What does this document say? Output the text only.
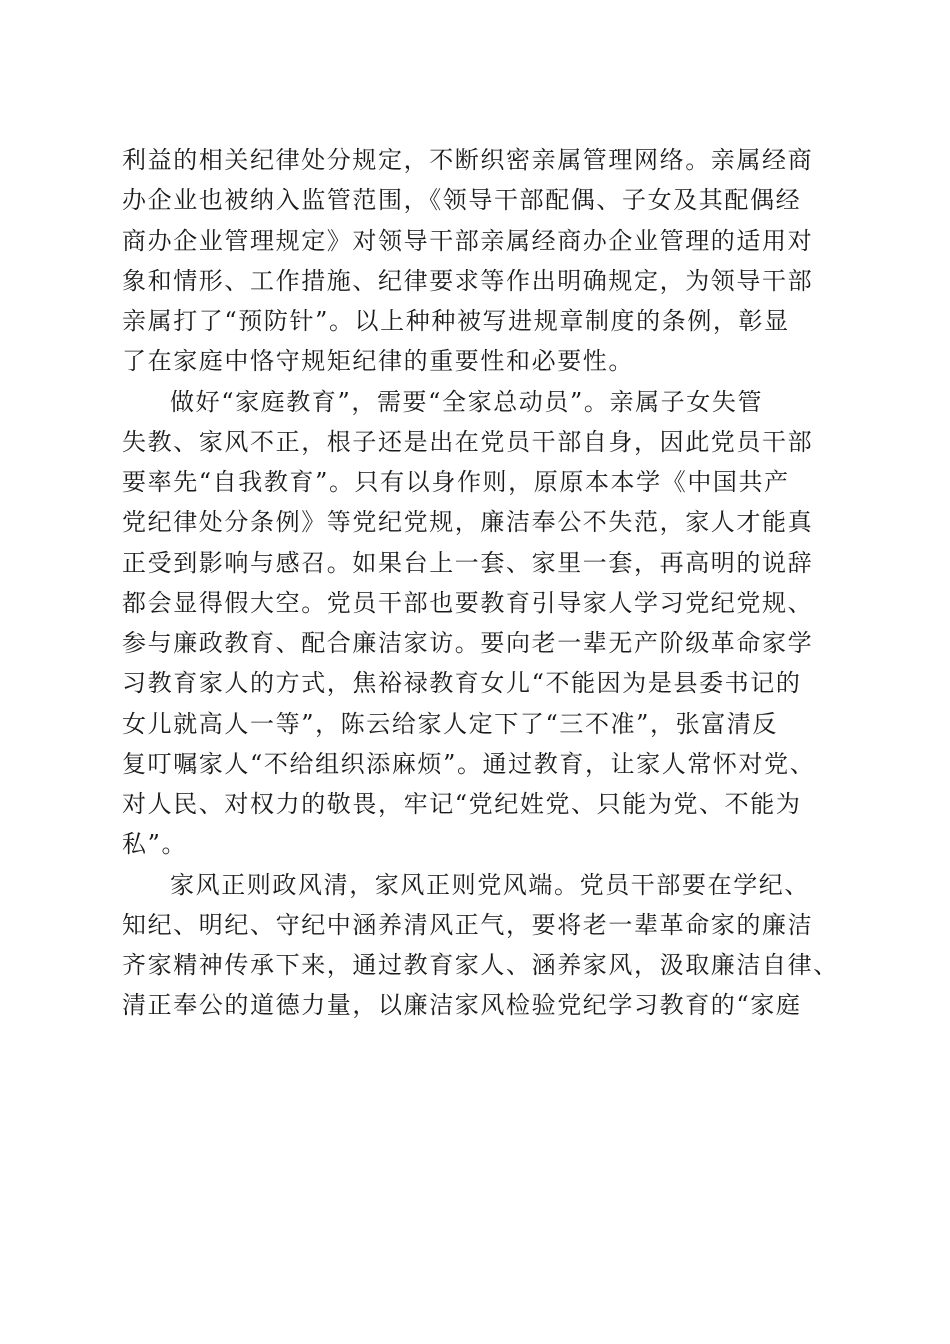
利益的相关纪律处分规定，不断织密亲属管理网络。亲属经商
办企业也被纳入监管范围，《领导干部配偶、子女及其配偶经
商办企业管理规定》对领导干部亲属经商办企业管理的适用对
象和情形、工作措施、纪律要求等作出明确规定，为领导干部
亲属打了“预防针”。以上种种被写进规章制度的条例，彰显
了在家庭中恪守规矩纪律的重要性和必要性。
做好“家庭教育”，需要“全家总动员”。亲属子女失管
失教、家风不正，根子还是出在党员干部自身，因此党员干部
要率先“自我教育”。只有以身作则，原原本本学《中国共产
党纪律处分条例》等党纪党规，廉洁奉公不失范，家人才能真
正受到影响与感召。如果台上一套、家里一套，再高明的说辞
都会显得假大空。党员干部也要教育引导家人学习党纪党规、
参与廉政教育、配合廉洁家访。要向老一辈无产阶级革命家学
习教育家人的方式，焦裕禄教育女儿“不能因为是县委书记的
女儿就高人一等”，陈云给家人定下了“三不准”，张富清反
复叮嘱家人“不给组织添麻烦”。通过教育，让家人常怀对党、
对人民、对权力的敬畏，牢记“党纪姓党、只能为党、不能为
私”。
家风正则政风清，家风正则党风端。党员干部要在学纪、
知纪、明纪、守纪中涵养清风正气，要将老一辈革命家的廉洁
齐家精神传承下来，通过教育家人、涵养家风，汲取廉洁自律、
清正奉公的道德力量，以廉洁家风检验党纪学习教育的“家庭
